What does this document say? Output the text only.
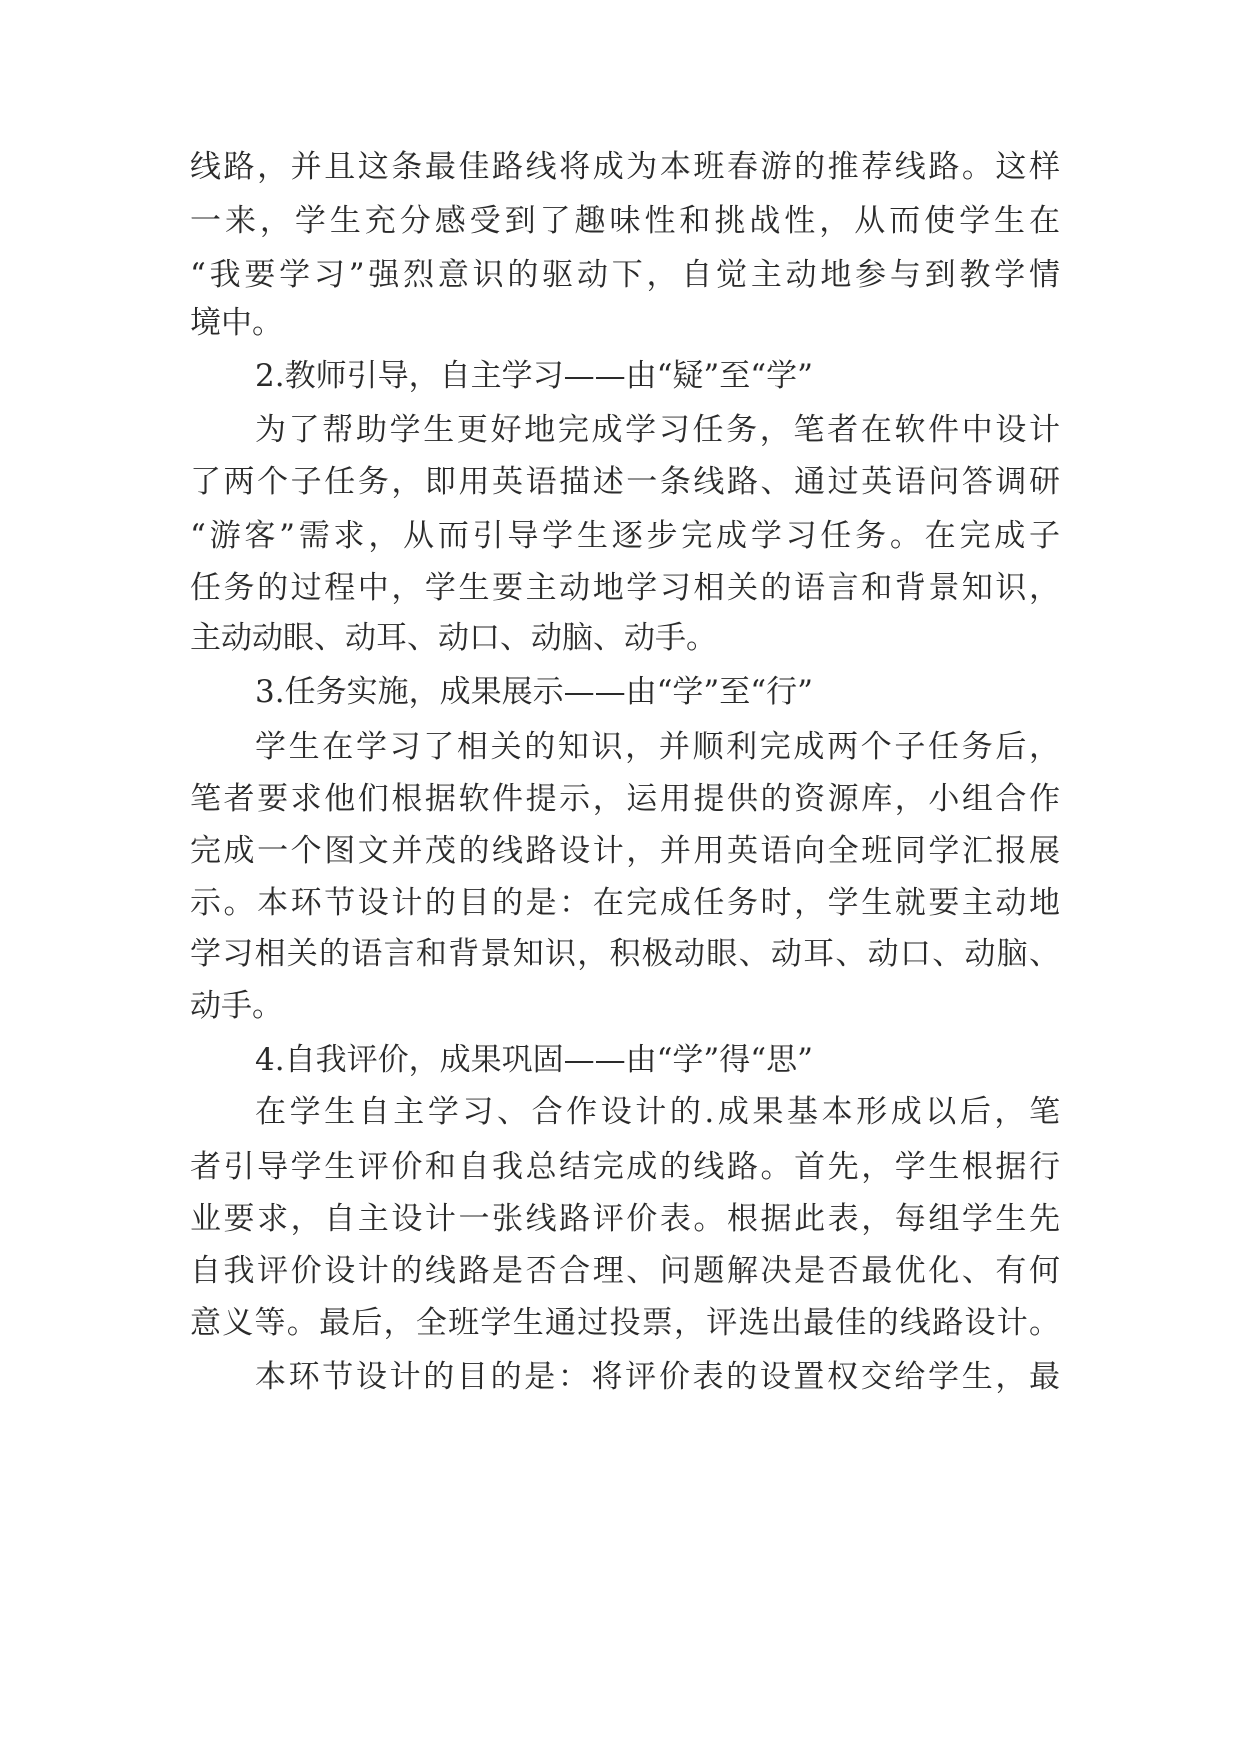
线路，并且这条最佳路线将成为本班春游的推荐线路。这样
一来，学生充分感受到了趣味性和挑战性，从而使学生在
“我要学习”强烈意识的驱动下，自觉主动地参与到教学情
境中。
2.教师引导，自主学习——由“疑”至“学”
为了帮助学生更好地完成学习任务，笔者在软件中设计
了两个子任务，即用英语描述一条线路、通过英语问答调研
“游客”需求，从而引导学生逐步完成学习任务。在完成子
任务的过程中，学生要主动地学习相关的语言和背景知识，
主动动眼、动耳、动口、动脑、动手。
3.任务实施，成果展示——由“学”至“行”
学生在学习了相关的知识，并顺利完成两个子任务后，
笔者要求他们根据软件提示，运用提供的资源库，小组合作
完成一个图文并茂的线路设计，并用英语向全班同学汇报展
示。本环节设计的目的是：在完成任务时，学生就要主动地
学习相关的语言和背景知识，积极动眼、动耳、动口、动脑、
动手。
4.自我评价，成果巩固——由“学”得“思”
在学生自主学习、合作设计的.成果基本形成以后，笔
者引导学生评价和自我总结完成的线路。首先，学生根据行
业要求，自主设计一张线路评价表。根据此表，每组学生先
自我评价设计的线路是否合理、问题解决是否最优化、有何
意义等。最后，全班学生通过投票，评选出最佳的线路设计。
本环节设计的目的是：将评价表的设置权交给学生，最
